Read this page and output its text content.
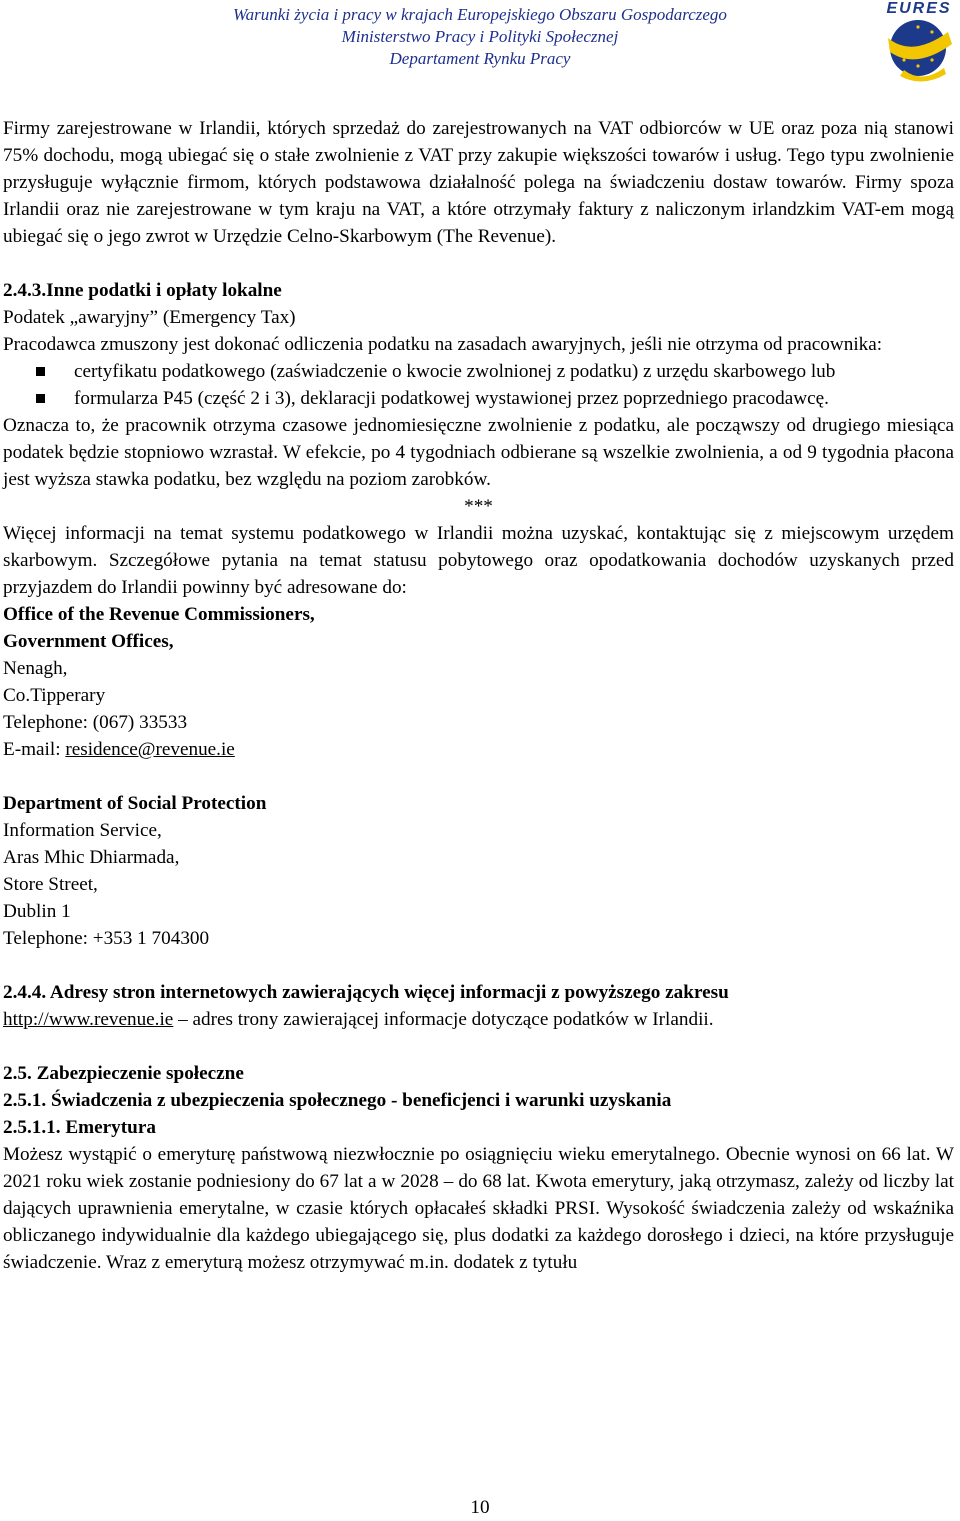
Warunki życia i pracy w krajach Europejskiego Obszaru Gospodarczego
Ministerstwo Pracy i Polityki Społecznej
Departament Rynku Pracy
EURES

Firmy zarejestrowane w Irlandii, których sprzedaż do zarejestrowanych na VAT odbiorców w UE oraz poza nią stanowi 75% dochodu, mogą ubiegać się o stałe zwolnienie z VAT przy zakupie większości towarów i usług. Tego typu zwolnienie przysługuje wyłącznie firmom, których podstawowa działalność polega na świadczeniu dostaw towarów. Firmy spoza Irlandii oraz nie zarejestrowane w tym kraju na VAT, a które otrzymały faktury z naliczonym irlandzkim VAT-em mogą ubiegać się o jego zwrot w Urzędzie Celno-Skarbowym (The Revenue).

2.4.3.Inne podatki i opłaty lokalne

Podatek „awaryjny” (Emergency Tax)

Pracodawca zmuszony jest dokonać odliczenia podatku na zasadach awaryjnych, jeśli nie otrzyma od pracownika:

certyfikatu podatkowego (zaświadczenie o kwocie zwolnionej z podatku) z urzędu skarbowego lub
formularza P45 (część 2 i 3), deklaracji podatkowej wystawionej przez poprzedniego pracodawcę.

Oznacza to, że pracownik otrzyma czasowe jednomiesięczne zwolnienie z podatku, ale począwszy od drugiego miesiąca podatek będzie stopniowo wzrastał. W efekcie, po 4 tygodniach odbierane są wszelkie zwolnienia, a od 9 tygodnia płacona jest wyższa stawka podatku, bez względu na poziom zarobków.

***

Więcej informacji na temat systemu podatkowego w Irlandii można uzyskać, kontaktując się z miejscowym urzędem skarbowym. Szczegółowe pytania na temat statusu pobytowego oraz opodatkowania dochodów uzyskanych przed przyjazdem do Irlandii powinny być adresowane do:

Office of the Revenue Commissioners,

Government Offices,

Nenagh,

Co.Tipperary

Telephone: (067) 33533

E-mail: residence@revenue.ie

Department of Social Protection

Information Service,

Aras Mhic Dhiarmada,

Store Street,

Dublin 1

Telephone: +353 1 704300

2.4.4. Adresy stron internetowych zawierających więcej informacji z powyższego zakresu

http://www.revenue.ie – adres trony zawierającej informacje dotyczące podatków w Irlandii.

2.5. Zabezpieczenie społeczne

2.5.1. Świadczenia z ubezpieczenia społecznego - beneficjenci i warunki uzyskania

2.5.1.1. Emerytura

Możesz wystąpić o emeryturę państwową niezwłocznie po osiągnięciu wieku emerytalnego. Obecnie wynosi on 66 lat. W 2021 roku wiek zostanie podniesiony do 67 lat a w 2028 – do 68 lat. Kwota emerytury, jaką otrzymasz, zależy od liczby lat dających uprawnienia emerytalne, w czasie których opłacałeś składki PRSI. Wysokość świadczenia zależy od wskaźnika obliczanego indywidualnie dla każdego ubiegającego się, plus dodatki za każdego dorosłego i dzieci, na które przysługuje świadczenie. Wraz z emeryturą możesz otrzymywać m.in. dodatek z tytułu

10
